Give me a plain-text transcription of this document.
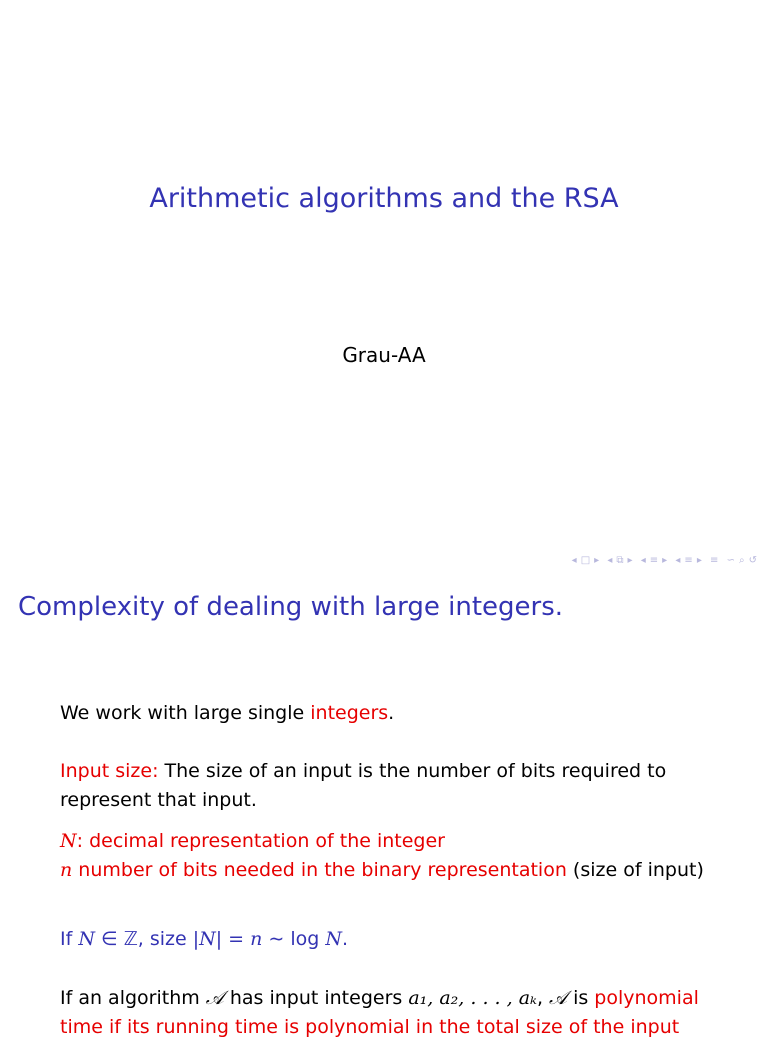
Arithmetic algorithms and the RSA
Grau-AA
◂ □ ▸ ◂ ⧉ ▸ ◂ ≡ ▸ ◂ ≡ ▸ ≡ ∽ ⌕ ↺
Complexity of dealing with large integers.
We work with large single integers.
Input size: The size of an input is the number of bits required to
represent that input.
N: decimal representation of the integer
n number of bits needed in the binary representation (size of input)
If N ∈ ℤ, size |N| = n ∼ log N.
If an algorithm 𝒜 has input integers a₁, a₂, . . . , aₖ, 𝒜 is polynomial
time if its running time is polynomial in the total size of the input
